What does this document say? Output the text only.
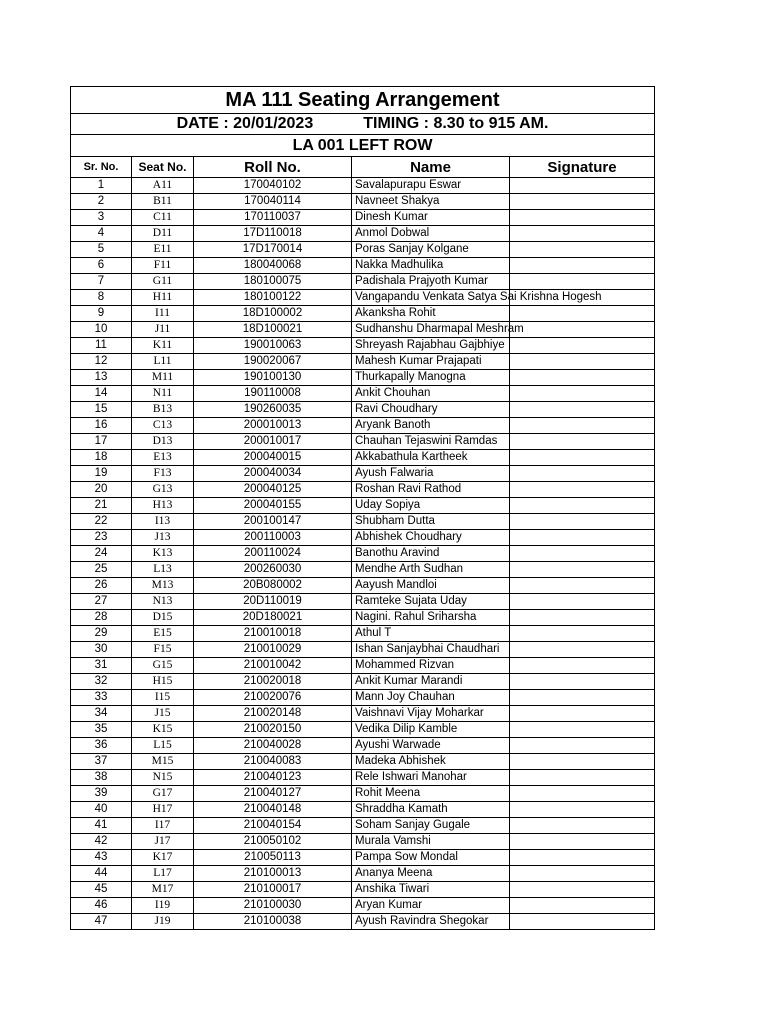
MA 111 Seating Arrangement				

DATE : 20/01/2023 TIMING : 8.30 to 915 AM.				

LA 001 LEFT ROW				
Sr. No.	Seat No.	Roll No.	Name	Signature
1	A11	170040102	Savalapurapu Eswar	
2	B11	170040114	Navneet Shakya	
3	C11	170110037	Dinesh Kumar	
4	D11	17D110018	Anmol Dobwal	
5	E11	17D170014	Poras Sanjay Kolgane	
6	F11	180040068	Nakka Madhulika	
7	G11	180100075	Padishala Prajyoth Kumar	
8	H11	180100122	Vangapandu Venkata Satya Sai Krishna Hogesh	
9	I11	18D100002	Akanksha Rohit	
10	J11	18D100021	Sudhanshu Dharmapal Meshram	
11	K11	190010063	Shreyash Rajabhau Gajbhiye	
12	L11	190020067	Mahesh Kumar Prajapati	
13	M11	190100130	Thurkapally Manogna	
14	N11	190110008	Ankit Chouhan	
15	B13	190260035	Ravi Choudhary	
16	C13	200010013	Aryank Banoth	
17	D13	200010017	Chauhan Tejaswini Ramdas	
18	E13	200040015	Akkabathula Kartheek	
19	F13	200040034	Ayush Falwaria	
20	G13	200040125	Roshan Ravi Rathod	
21	H13	200040155	Uday Sopiya	
22	I13	200100147	Shubham Dutta	
23	J13	200110003	Abhishek Choudhary	
24	K13	200110024	Banothu Aravind	
25	L13	200260030	Mendhe Arth Sudhan	
26	M13	20B080002	Aayush Mandloi	
27	N13	20D110019	Ramteke Sujata Uday	
28	D15	20D180021	Nagini. Rahul Sriharsha	
29	E15	210010018	Athul T	
30	F15	210010029	Ishan Sanjaybhai Chaudhari	
31	G15	210010042	Mohammed Rizvan	
32	H15	210020018	Ankit Kumar Marandi	
33	I15	210020076	Mann Joy Chauhan	
34	J15	210020148	Vaishnavi Vijay Moharkar	
35	K15	210020150	Vedika Dilip Kamble	
36	L15	210040028	Ayushi Warwade	
37	M15	210040083	Madeka Abhishek	
38	N15	210040123	Rele Ishwari Manohar	
39	G17	210040127	Rohit Meena	
40	H17	210040148	Shraddha Kamath	
41	I17	210040154	Soham Sanjay Gugale	
42	J17	210050102	Murala Vamshi	
43	K17	210050113	Pampa Sow Mondal	
44	L17	210100013	Ananya Meena	
45	M17	210100017	Anshika Tiwari	
46	I19	210100030	Aryan Kumar	
47	J19	210100038	Ayush Ravindra Shegokar	
